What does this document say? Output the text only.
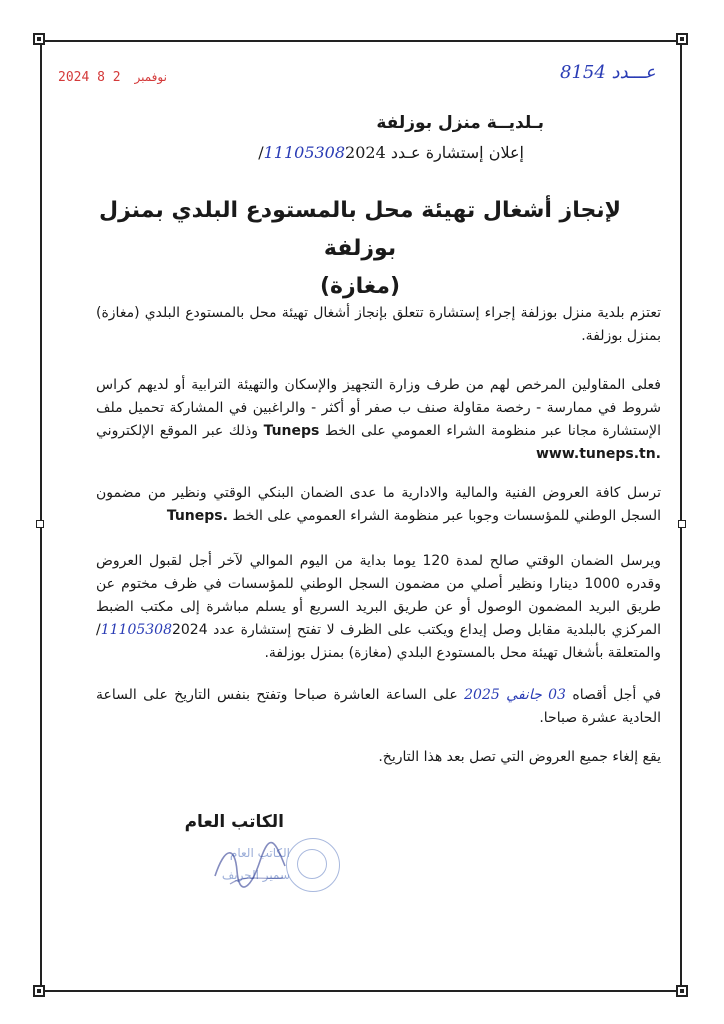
2024	نوفمبر 2 8	عـــدد 8154
بـلديــة منزل بوزلفة
إعلان إستشارة عـدد 111053082024/
لإنجاز أشغال تهيئة محل بالمستودع البلدي بمنزل بوزلفة
(مغازة)
تعتزم بلدية منزل بوزلفة إجراء إستشارة تتعلق بإنجاز أشغال تهيئة محل بالمستودع البلدي (مغازة) بمنزل بوزلفة.
فعلى المقاولين المرخص لهم من طرف وزارة التجهيز والإسكان والتهيئة الترابية أو لديهم كراس شروط في ممارسة - رخصة مقاولة صنف ب صفر أو أكثر - والراغبين في المشاركة تحميل ملف الإستشارة مجانا عبر منظومة الشراء العمومي على الخط Tuneps وذلك عبر الموقع الإلكتروني www.tuneps.tn.
ترسل كافة العروض الفنية والمالية والادارية ما عدى الضمان البنكي الوقتي ونظير من مضمون السجل الوطني للمؤسسات وجوبا عبر منظومة الشراء العمومي على الخط Tuneps.
ويرسل الضمان الوقتي صالح لمدة 120 يوما بداية من اليوم الموالي لآخر أجل لقبول العروض وقدره 1000 دينارا ونظير أصلي من مضمون السجل الوطني للمؤسسات في ظرف مختوم عن طريق البريد المضمون الوصول أو عن طريق البريد السريع أو يسلم مباشرة إلى مكتب الضبط المركزي بالبلدية مقابل وصل إيداع ويكتب على الظرف لا تفتح إستشارة عدد 111053082024/ والمتعلقة بأشغال تهيئة محل بالمستودع البلدي (مغازة) بمنزل بوزلفة.
في أجل أقصاه 03 جانفي 2025 على الساعة العاشرة صباحا وتفتح بنفس التاريخ على الساعة الحادية عشرة صباحا.
يقع إلغاء جميع العروض التي تصل بعد هذا التاريخ.
الكاتب العام
الكاتب العام
سمير الحريف
